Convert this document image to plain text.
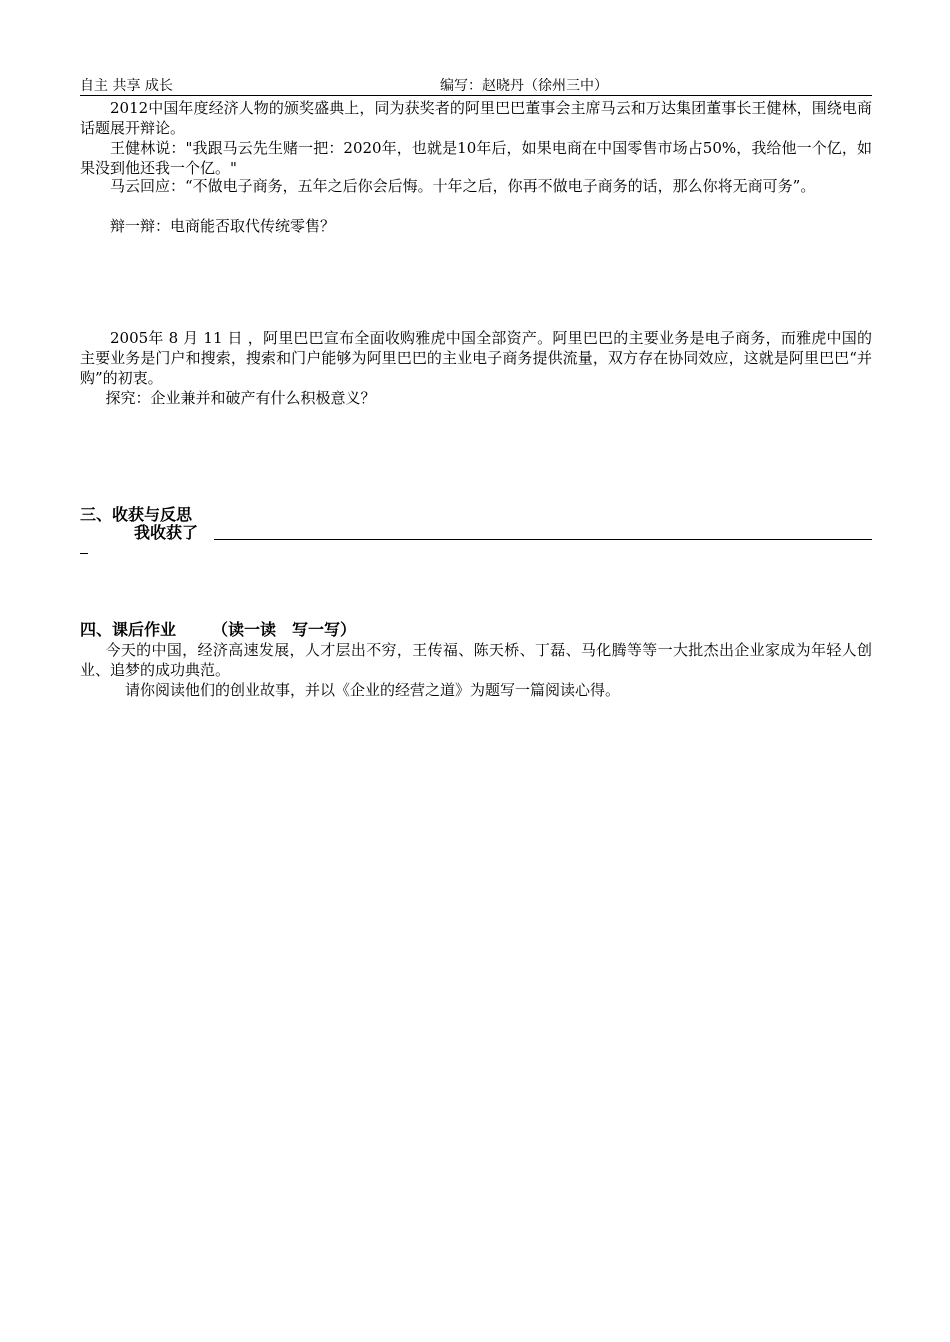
自主 共享 成长	编写：赵晓丹（徐州三中）
2012中国年度经济人物的颁奖盛典上，同为获奖者的阿里巴巴董事会主席马云和万达集团董事长王健林，围绕电商话题展开辩论。
王健林说："我跟马云先生赌一把：2020年，也就是10年后，如果电商在中国零售市场占50%，我给他一个亿，如果没到他还我一个亿。"
马云回应：“不做电子商务，五年之后你会后悔。十年之后，你再不做电子商务的话，那么你将无商可务”。
辩一辩：电商能否取代传统零售？
2005年 8 月 11 日 ，阿里巴巴宣布全面收购雅虎中国全部资产。阿里巴巴的主要业务是电子商务，而雅虎中国的主要业务是门户和搜索，搜索和门户能够为阿里巴巴的主业电子商务提供流量，双方存在协同效应，这就是阿里巴巴“并购”的初衷。
探究：企业兼并和破产有什么积极意义？
三、收获与反思
我收获了
四、课后作业 （读一读　写一写）
今天的中国，经济高速发展，人才层出不穷，王传福、陈天桥、丁磊、马化腾等等一大批杰出企业家成为年轻人创业、追梦的成功典范。
请你阅读他们的创业故事，并以《企业的经营之道》为题写一篇阅读心得。
